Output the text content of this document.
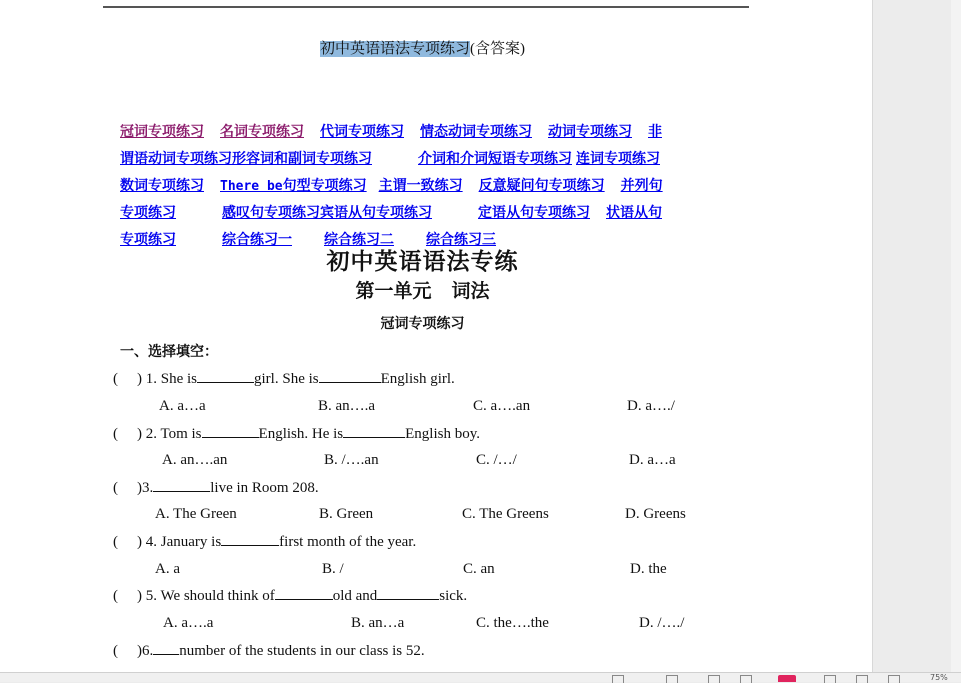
初中英语语法专项练习(含答案)
冠词专项练习 名词专项练习 代词专项练习 情态动词专项练习 动词专项练习 非
谓语动词专项练习形容词和副词专项练习	介词和介词短语专项练习 连词专项练习
数词专项练习 There be句型专项练习 主谓一致练习 反意疑问句专项练习 并列句
专项练习	感叹句专项练习宾语从句专项练习	定语从句专项练习 状语从句
专项练习	综合练习一 综合练习二 综合练习三
初中英语语法专练
第一单元 词法
冠词专项练习
一、选择填空：
( ) 1. She is	girl. She is	English girl.
A. a…a	B. an….a	C. a….an	D. a…./
( ) 2. Tom is	English. He is	English boy.
A. an….an	B. /….an	C. /…/	D. a…a
( )3.	live in Room 208.
A. The Green	B. Green	C. The Greens	D. Greens
( ) 4. January is	first month of the year.
A. a	B. /	C. an	D. the
( ) 5. We should think of	old and	sick.
A. a….a	B. an…a	C. the….the	D. /…./
( )6. number of the students in our class is 52.
75%
